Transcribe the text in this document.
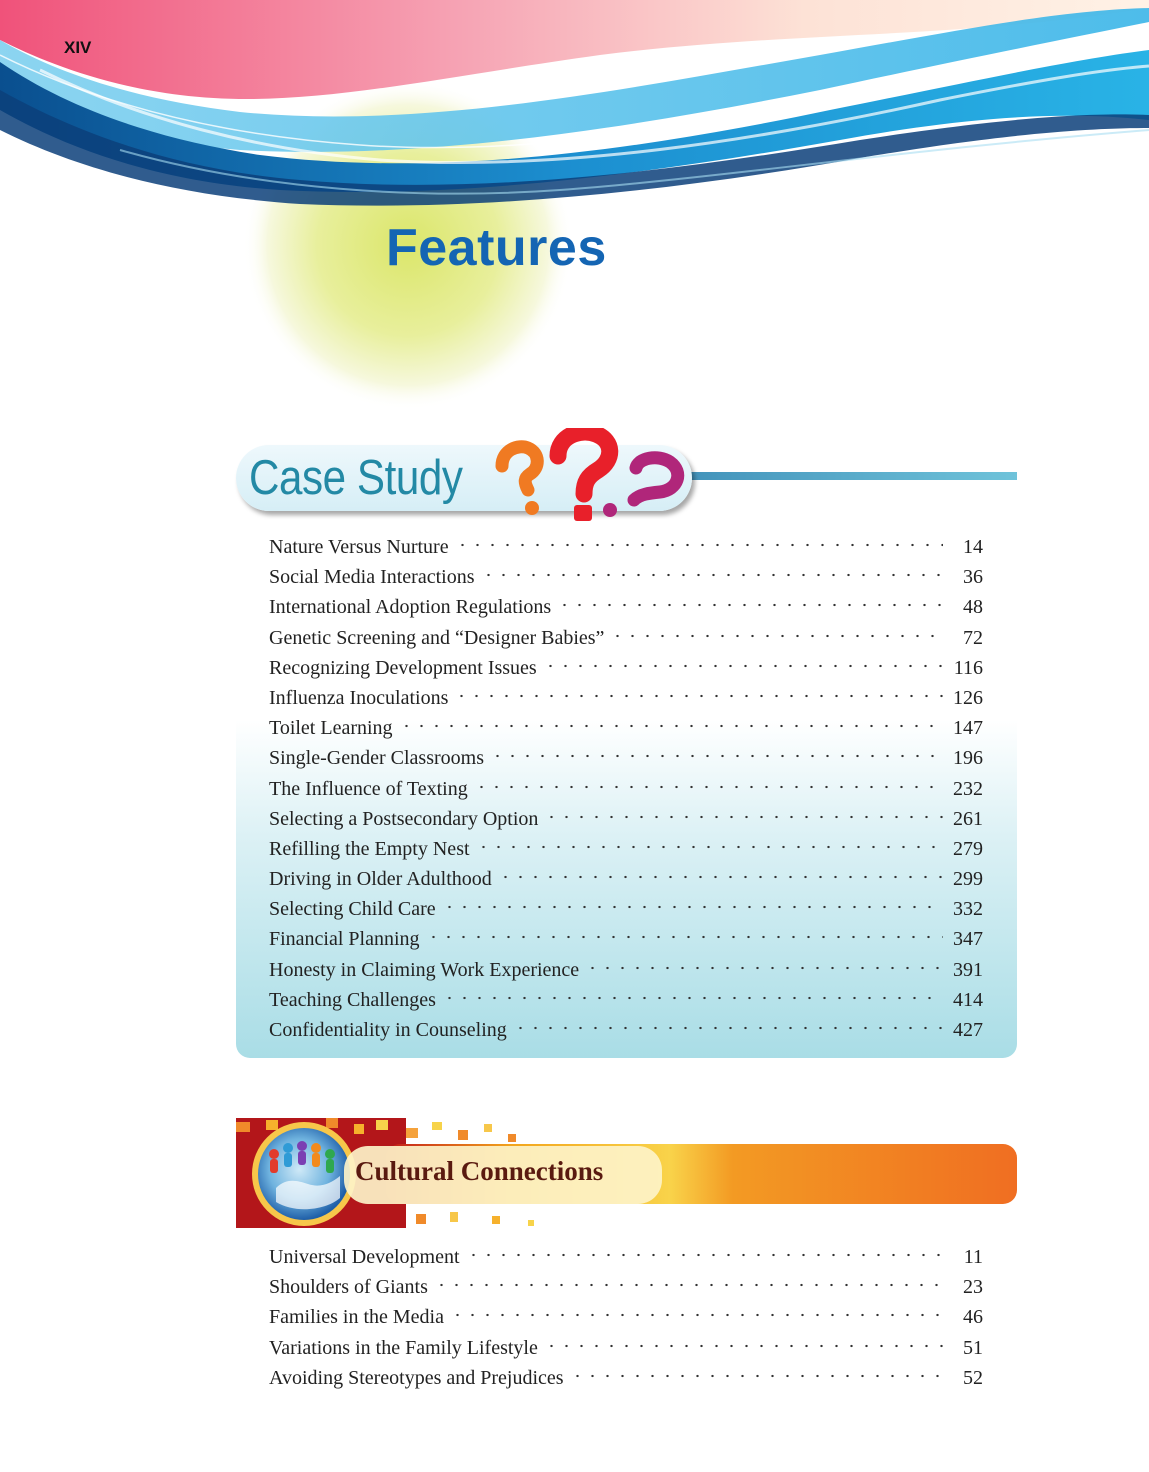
XIV
Features
Case Study
Nature Versus Nurture	14
Social Media Interactions	36
International Adoption Regulations	48
Genetic Screening and “Designer Babies”	72
Recognizing Development Issues	116
Influenza Inoculations	126
Toilet Learning	147
Single-Gender Classrooms	196
The Influence of Texting	232
Selecting a Postsecondary Option	261
Refilling the Empty Nest	279
Driving in Older Adulthood	299
Selecting Child Care	332
Financial Planning	347
Honesty in Claiming Work Experience	391
Teaching Challenges	414
Confidentiality in Counseling	427
Cultural Connections
Universal Development	11
Shoulders of Giants	23
Families in the Media	46
Variations in the Family Lifestyle	51
Avoiding Stereotypes and Prejudices	52
